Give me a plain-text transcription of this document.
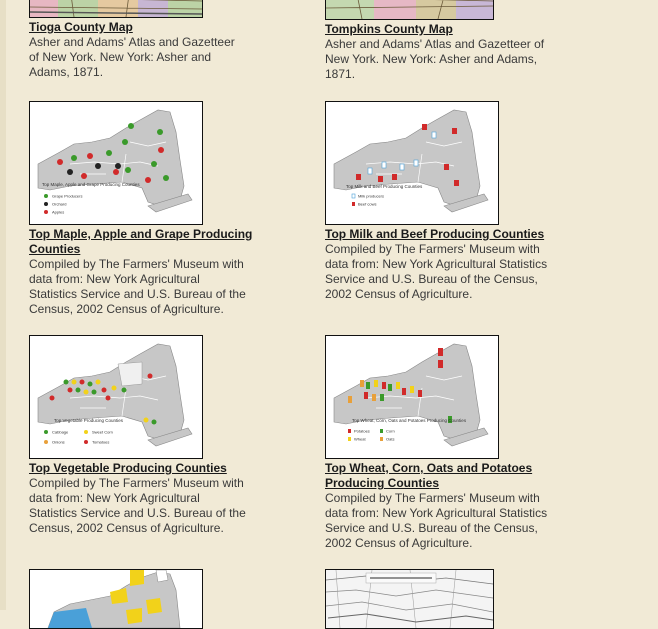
Tioga County Map
Asher and Adams' Atlas and Gazetteer of New York. New York: Asher and Adams, 1871.
Tompkins County Map
Asher and Adams' Atlas and Gazetteer of New York. New York: Asher and Adams, 1871.
Top Maple, Apple and Grape Producing Counties
Grape Producers
Orchard
Apples
Top Maple, Apple and Grape Producing Counties
Compiled by The Farmers' Museum with data from: New York Agricultural Statistics Service and U.S. Bureau of the Census, 2002 Census of Agriculture.
Top Milk and Beef Producing Counties
Milk producers
Beef cows
Top Milk and Beef Producing Counties
Compiled by The Farmers' Museum with data from: New York Agricultural Statistics Service and U.S. Bureau of the Census, 2002 Census of Agriculture.
Top Vegetable Producing Counties
Cabbage	Sweet Corn
Onions	Tomatoes
Top Vegetable Producing Counties
Compiled by The Farmers' Museum with data from: New York Agricultural Statistics Service and U.S. Bureau of the Census, 2002 Census of Agriculture.
Top Wheat, Corn, Oats and Potatoes Producing Counties
Potatoes	Corn
Wheat	Oats
Top Wheat, Corn, Oats and Potatoes Producing Counties
Compiled by The Farmers' Museum with data from: New York Agricultural Statistics Service and U.S. Bureau of the Census, 2002 Census of Agriculture.
